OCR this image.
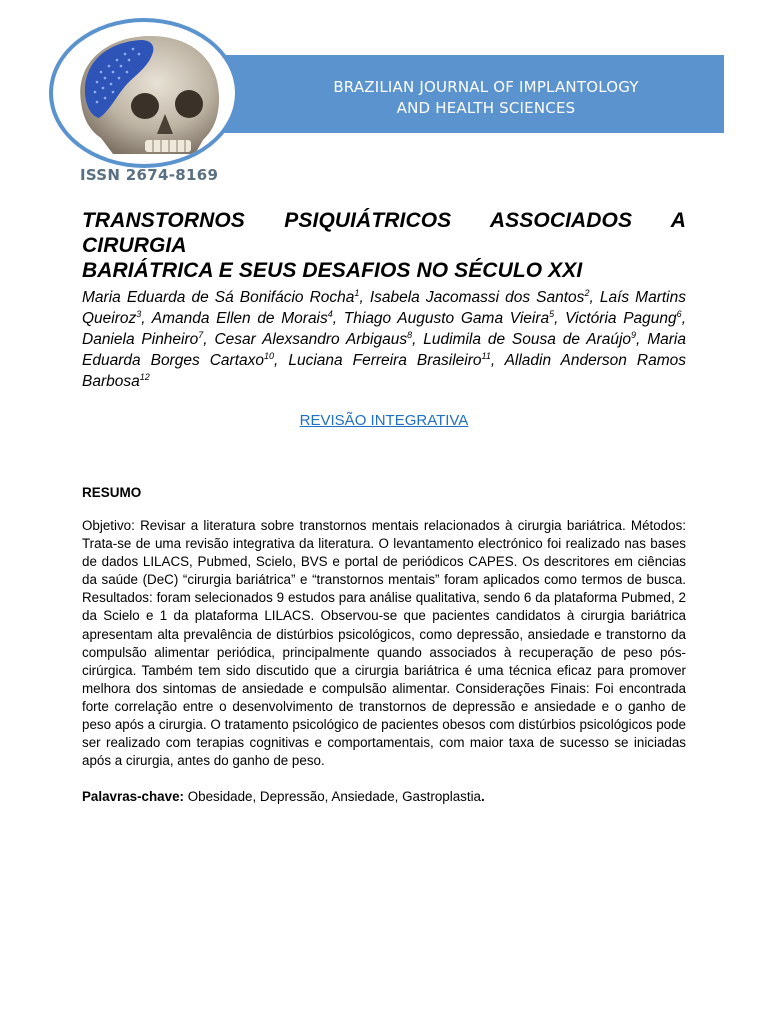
BRAZILIAN JOURNAL OF IMPLANTOLOGY
AND HEALTH SCIENCES
ISSN 2674-8169
TRANSTORNOS PSIQUIÁTRICOS ASSOCIADOS A CIRURGIA
BARIÁTRICA E SEUS DESAFIOS NO SÉCULO XXI

Maria Eduarda de Sá Bonifácio Rocha$^1$, Isabela Jacomassi dos Santos$^2$, Laís Martins Queiroz$^3$, Amanda Ellen de Morais$^4$, Thiago Augusto Gama Vieira$^5$, Victória Pagung$^6$, Daniela Pinheiro$^7$, Cesar Alexsandro Arbigaus$^8$, Ludimila de Sousa de Araújo$^9$, Maria Eduarda Borges Cartaxo$^{10}$, Luciana Ferreira Brasileiro$^{11}$, Alladin Anderson Ramos Barbosa$^{12}$

REVISÃO INTEGRATIVA
RESUMO

Objetivo: Revisar a literatura sobre transtornos mentais relacionados à cirurgia bariátrica. Métodos: Trata-se de uma revisão integrativa da literatura. O levantamento electrónico foi realizado nas bases de dados LILACS, Pubmed, Scielo, BVS e portal de periódicos CAPES. Os descritores em ciências da saúde (DeC) “cirurgia bariátrica” e “transtornos mentais” foram aplicados como termos de busca. Resultados: foram selecionados 9 estudos para análise qualitativa, sendo 6 da plataforma Pubmed, 2 da Scielo e 1 da plataforma LILACS. Observou-se que pacientes candidatos à cirurgia bariátrica apresentam alta prevalência de distúrbios psicológicos, como depressão, ansiedade e transtorno da compulsão alimentar periódica, principalmente quando associados à recuperação de peso pós-cirúrgica. Também tem sido discutido que a cirurgia bariátrica é uma técnica eficaz para promover melhora dos sintomas de ansiedade e compulsão alimentar. Considerações Finais: Foi encontrada forte correlação entre o desenvolvimento de transtornos de depressão e ansiedade e o ganho de peso após a cirurgia. O tratamento psicológico de pacientes obesos com distúrbios psicológicos pode ser realizado com terapias cognitivas e comportamentais, com maior taxa de sucesso se iniciadas após a cirurgia, antes do ganho de peso.

Palavras-chave: Obesidade, Depressão, Ansiedade, Gastroplastia.
